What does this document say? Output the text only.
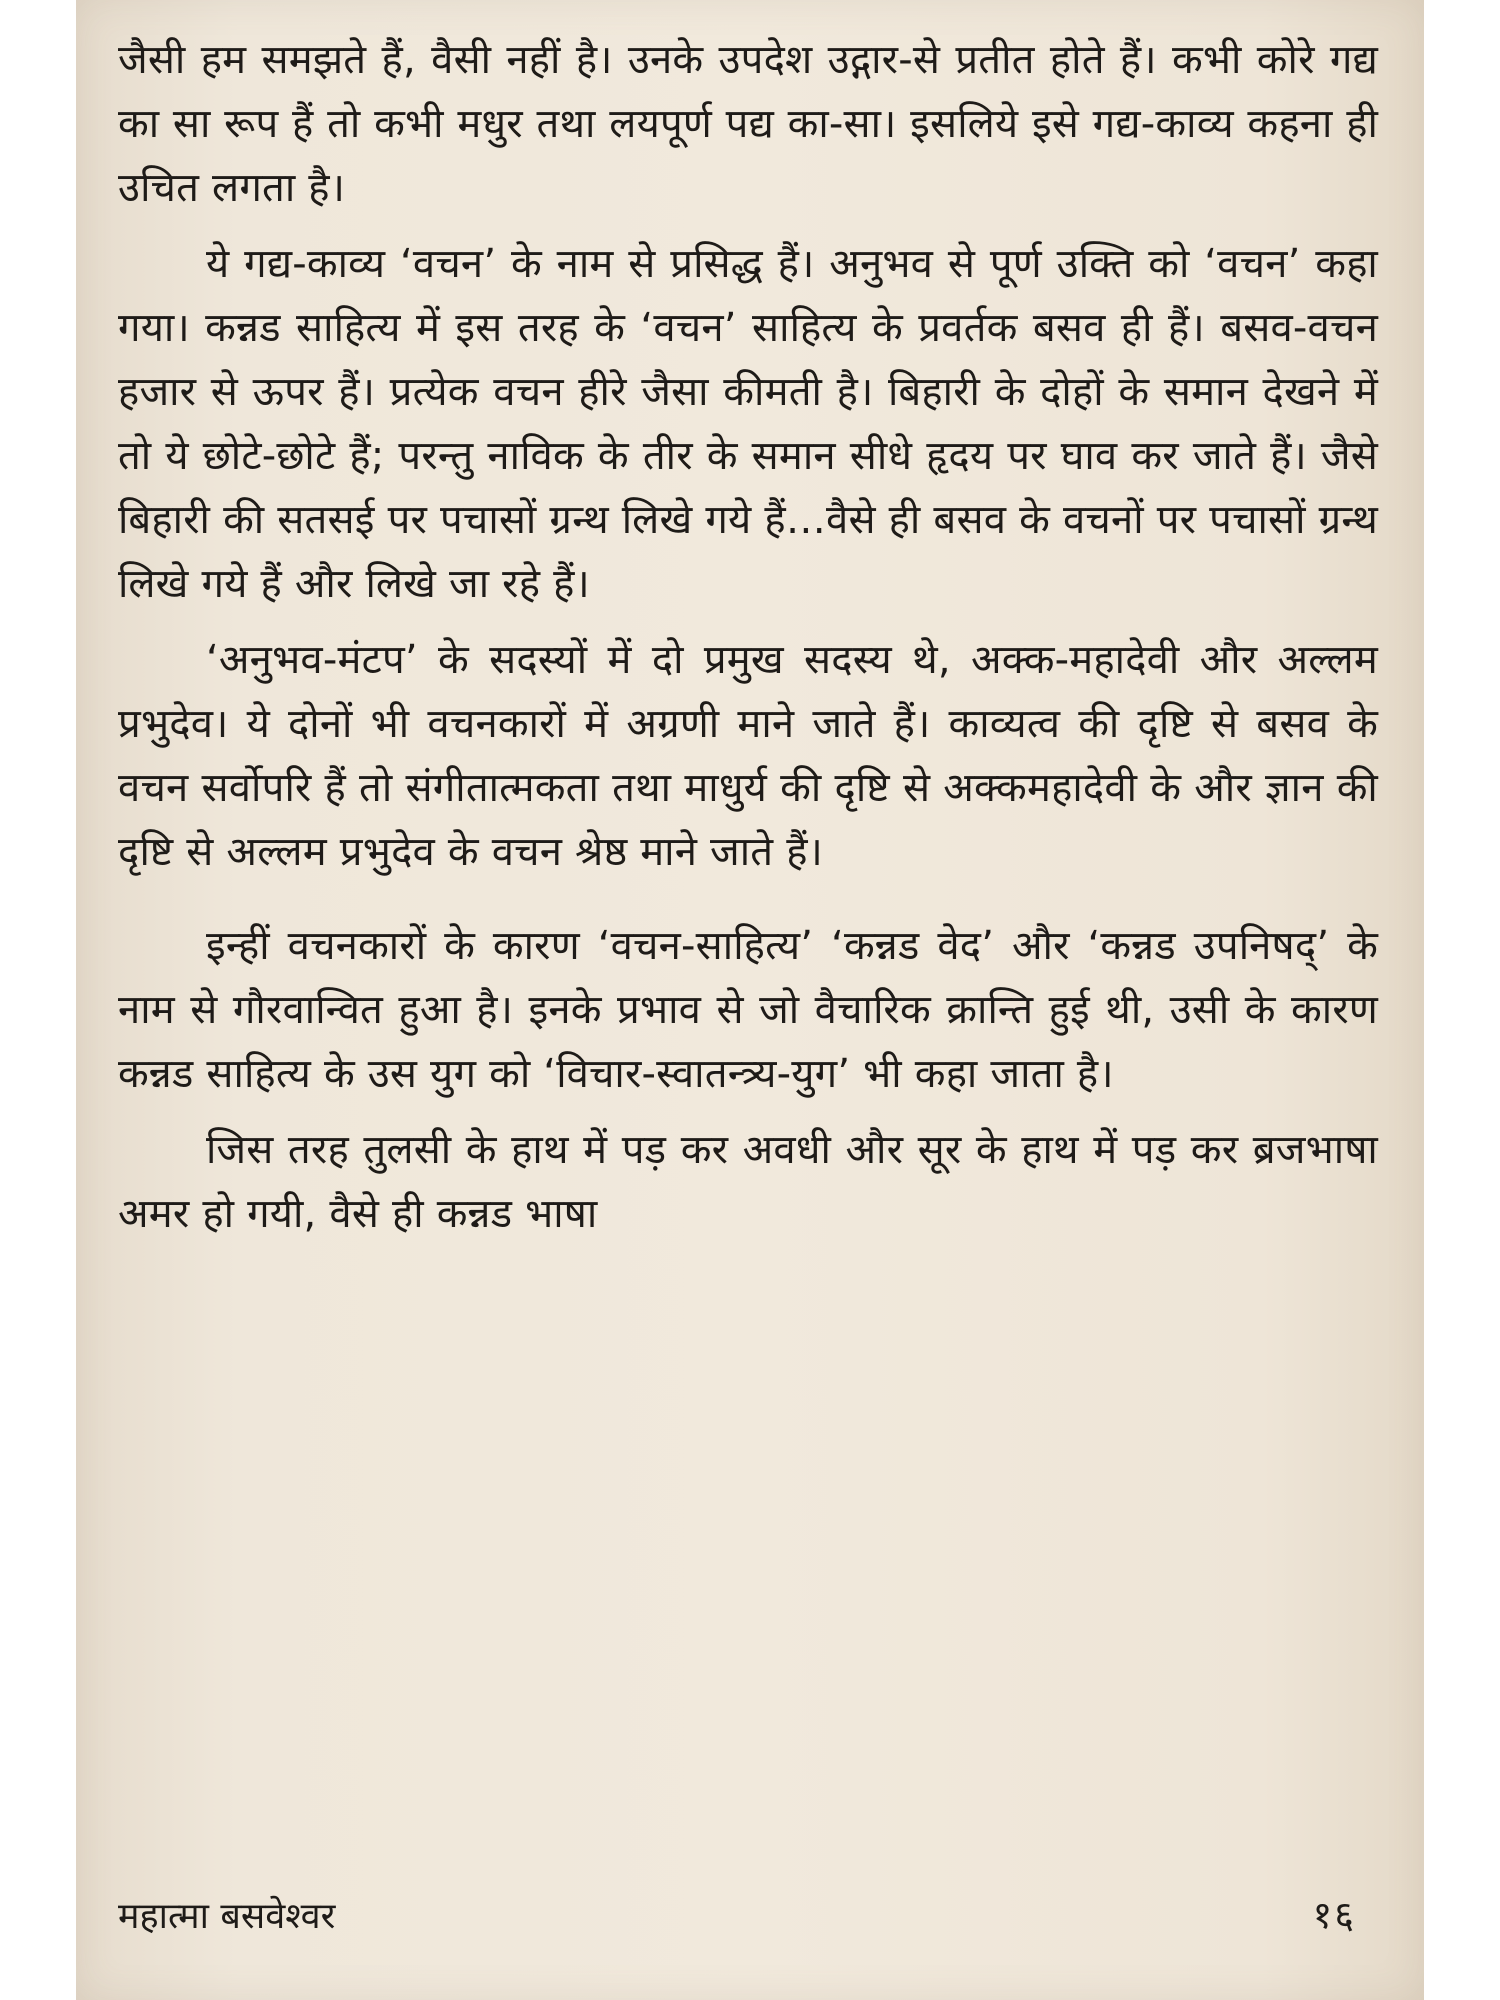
जैसी हम समझते हैं, वैसी नहीं है। उनके उपदेश उद्गार-से प्रतीत होते हैं। कभी कोरे गद्य का सा रूप हैं तो कभी मधुर तथा लयपूर्ण पद्य का-सा। इसलिये इसे गद्य-काव्य कहना ही उचित लगता है।

ये गद्य-काव्य ‘वचन’ के नाम से प्रसिद्ध हैं। अनुभव से पूर्ण उक्ति को ‘वचन’ कहा गया। कन्नड साहित्य में इस तरह के ‘वचन’ साहित्य के प्रवर्तक बसव ही हैं। बसव-वचन हजार से ऊपर हैं। प्रत्येक वचन हीरे जैसा कीमती है। बिहारी के दोहों के समान देखने में तो ये छोटे-छोटे हैं; परन्तु नाविक के तीर के समान सीधे हृदय पर घाव कर जाते हैं। जैसे बिहारी की सतसई पर पचासों ग्रन्थ लिखे गये हैं…वैसे ही बसव के वचनों पर पचासों ग्रन्थ लिखे गये हैं और लिखे जा रहे हैं।

‘अनुभव-मंटप’ के सदस्यों में दो प्रमुख सदस्य थे, अक्क-महादेवी और अल्लम प्रभुदेव। ये दोनों भी वचनकारों में अग्रणी माने जाते हैं। काव्यत्व की दृष्टि से बसव के वचन सर्वोपरि हैं तो संगीतात्मकता तथा माधुर्य की दृष्टि से अक्कमहादेवी के और ज्ञान की दृष्टि से अल्लम प्रभुदेव के वचन श्रेष्ठ माने जाते हैं।

इन्हीं वचनकारों के कारण ‘वचन-साहित्य’ ‘कन्नड वेद’ और ‘कन्नड उपनिषद्’ के नाम से गौरवान्वित हुआ है। इनके प्रभाव से जो वैचारिक क्रान्ति हुई थी, उसी के कारण कन्नड साहित्य के उस युग को ‘विचार-स्वातन्त्र्य-युग’ भी कहा जाता है।

जिस तरह तुलसी के हाथ में पड़ कर अवधी और सूर के हाथ में पड़ कर ब्रजभाषा अमर हो गयी, वैसे ही कन्नड भाषा

महात्मा बसवेश्वर	१६
